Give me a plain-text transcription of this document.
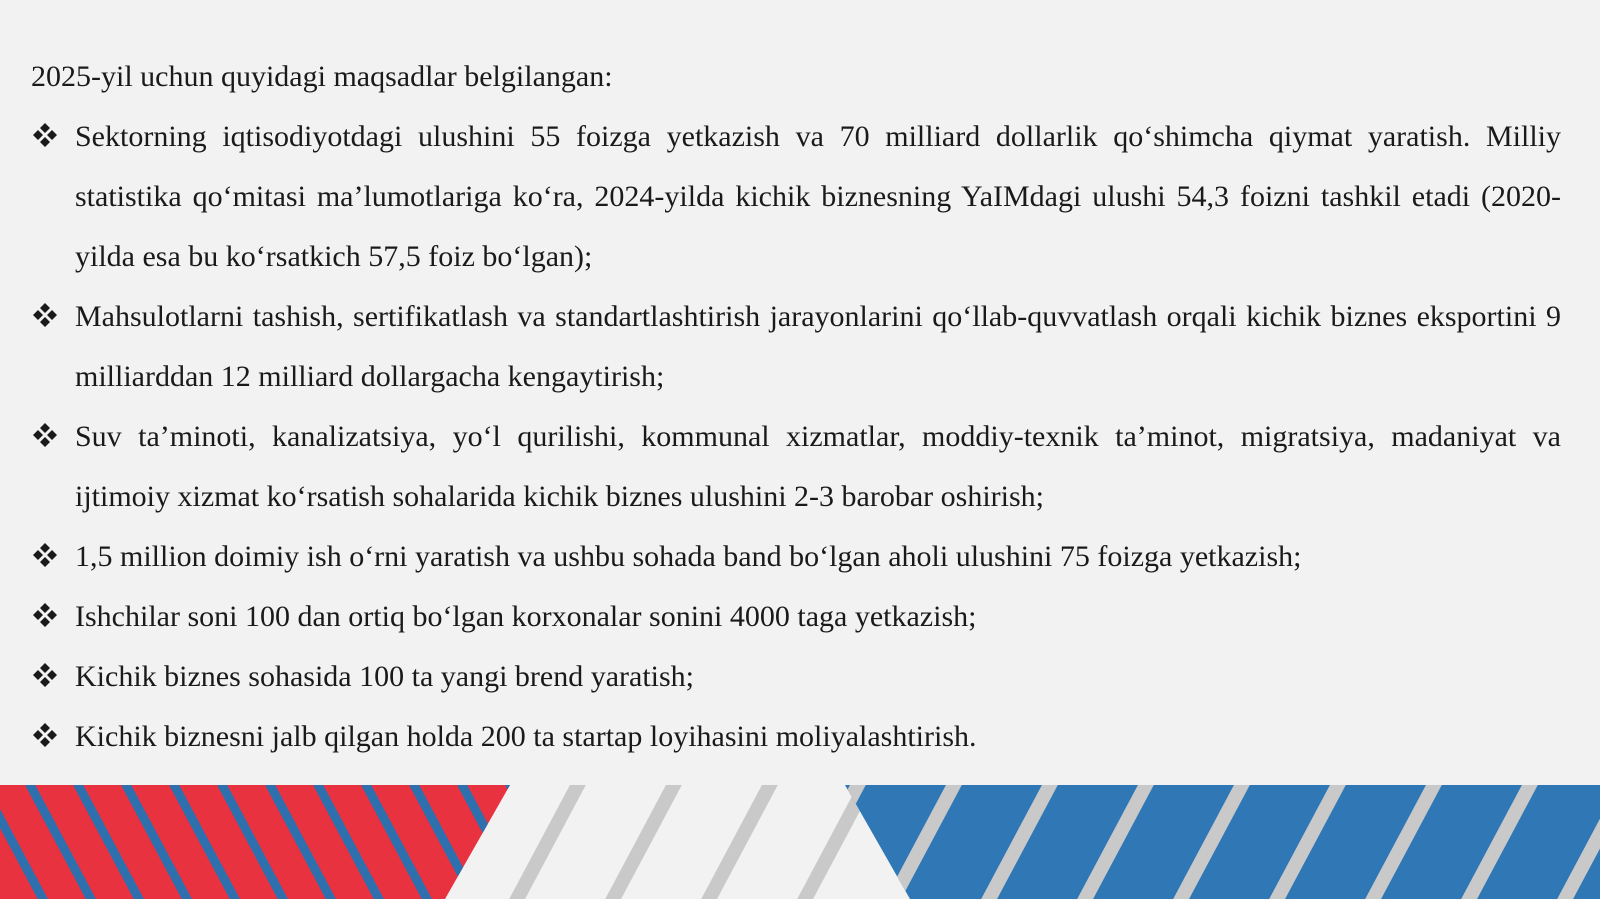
2025-yil uchun quyidagi maqsadlar belgilangan:

Sektorning iqtisodiyotdagi ulushini 55 foizga yetkazish va 70 milliard dollarlik qo‘shimcha qiymat yaratish. Milliy statistika qo‘mitasi ma’lumotlariga ko‘ra, 2024-yilda kichik biznesning YaIMdagi ulushi 54,3 foizni tashkil etadi (2020-yilda esa bu ko‘rsatkich 57,5 foiz bo‘lgan);
Mahsulotlarni tashish, sertifikatlash va standartlashtirish jarayonlarini qo‘llab-quvvatlash orqali kichik biznes eksportini 9 milliarddan 12 milliard dollargacha kengaytirish;
Suv ta’minoti, kanalizatsiya, yo‘l qurilishi, kommunal xizmatlar, moddiy-texnik ta’minot, migratsiya, madaniyat va ijtimoiy xizmat ko‘rsatish sohalarida kichik biznes ulushini 2-3 barobar oshirish;
1,5 million doimiy ish o‘rni yaratish va ushbu sohada band bo‘lgan aholi ulushini 75 foizga yetkazish;
Ishchilar soni 100 dan ortiq bo‘lgan korxonalar sonini 4000 taga yetkazish;
Kichik biznes sohasida 100 ta yangi brend yaratish;
Kichik biznesni jalb qilgan holda 200 ta startap loyihasini moliyalashtirish.
